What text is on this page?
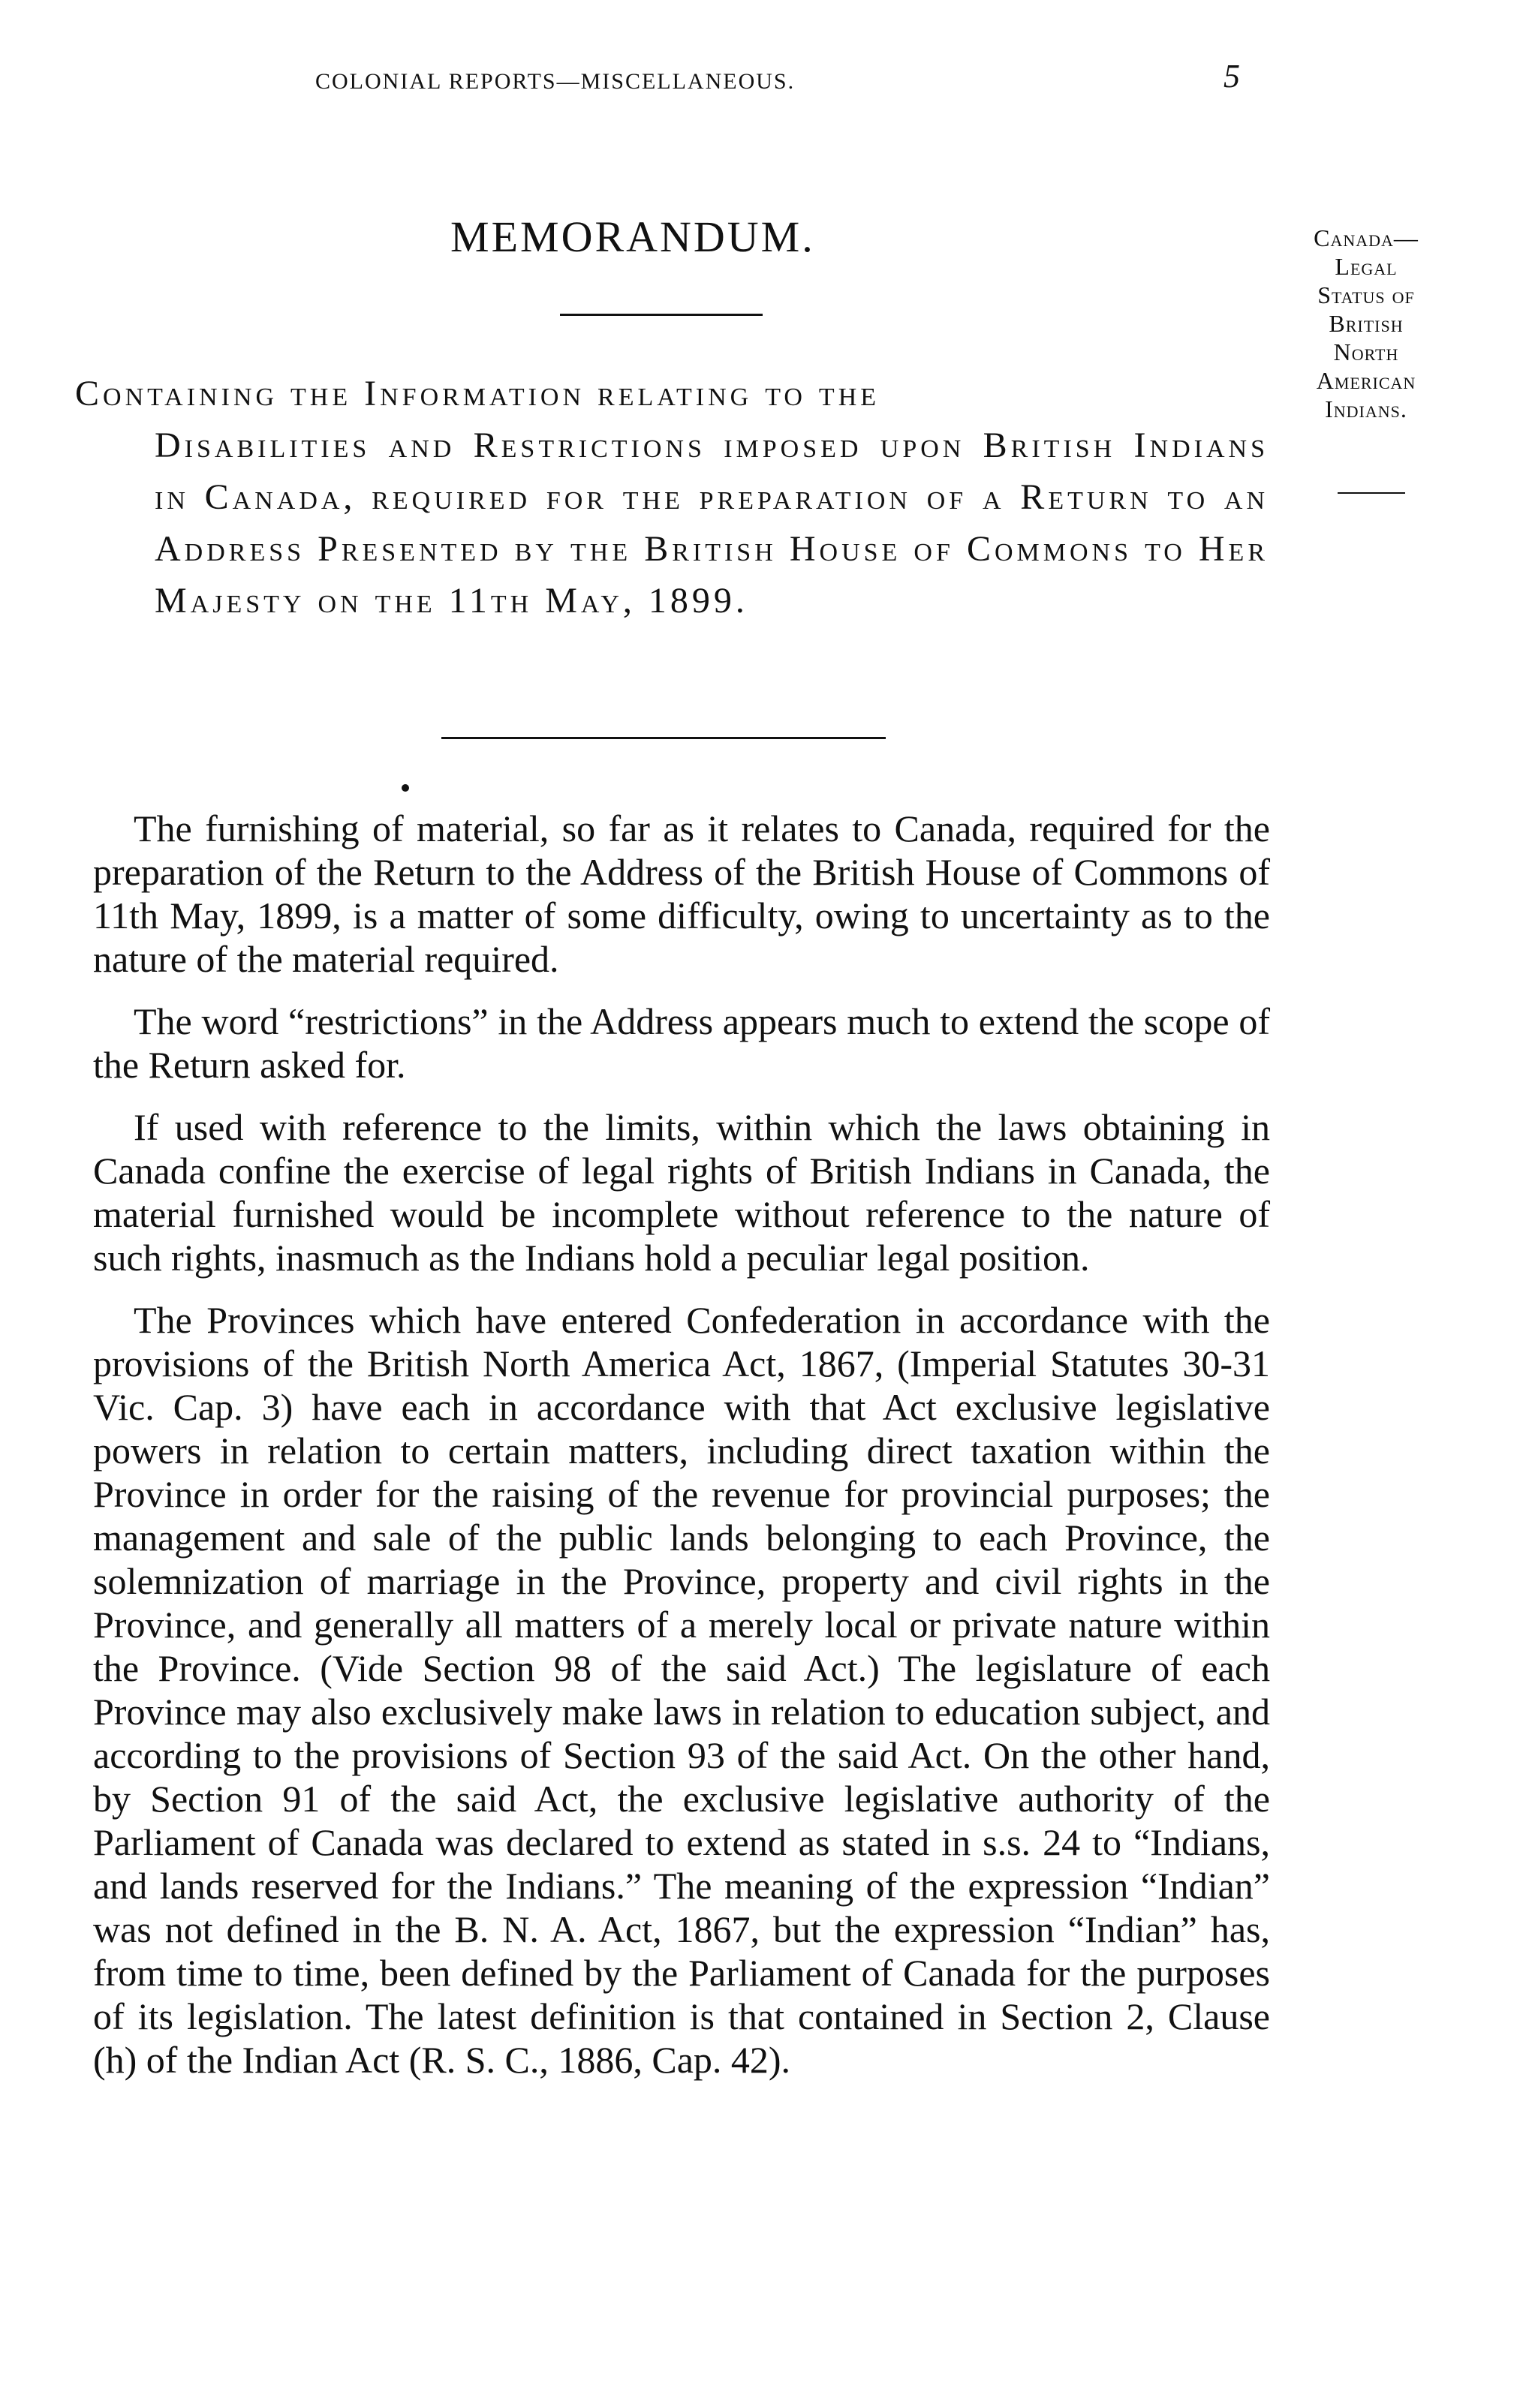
COLONIAL REPORTS—MISCELLANEOUS.	5
MEMORANDUM.
Containing the Information relating to the
Disabilities and Restrictions imposed upon British Indians in Canada, required for the preparation of a Return to an Address Presented by the British House of Commons to Her Majesty on the 11th May, 1899.
Canada—
Legal
Status of
British
North
American
Indians.

The furnishing of material, so far as it relates to Canada, required for the preparation of the Return to the Address of the British House of Commons of 11th May, 1899, is a matter of some difficulty, owing to uncertainty as to the nature of the material required.

The word “restrictions” in the Address appears much to extend the scope of the Return asked for.

If used with reference to the limits, within which the laws obtaining in Canada confine the exercise of legal rights of British Indians in Canada, the material furnished would be incomplete without reference to the nature of such rights, inasmuch as the Indians hold a peculiar legal position.

The Provinces which have entered Confederation in accordance with the provisions of the British North America Act, 1867, (Imperial Statutes 30-31 Vic. Cap. 3) have each in accordance with that Act exclusive legislative powers in relation to certain matters, including direct taxation within the Province in order for the raising of the revenue for provincial purposes; the management and sale of the public lands belonging to each Province, the solemnization of marriage in the Province, property and civil rights in the Province, and generally all matters of a merely local or private nature within the Province. (Vide Section 98 of the said Act.) The legislature of each Province may also exclusively make laws in relation to education subject, and according to the provisions of Section 93 of the said Act. On the other hand, by Section 91 of the said Act, the exclusive legislative authority of the Parliament of Canada was declared to extend as stated in s.s. 24 to “Indians, and lands reserved for the Indians.” The meaning of the expression “Indian” was not defined in the B. N. A. Act, 1867, but the expression “Indian” has, from time to time, been defined by the Parliament of Canada for the purposes of its legislation. The latest definition is that contained in Section 2, Clause (h) of the Indian Act (R. S. C., 1886, Cap. 42).
